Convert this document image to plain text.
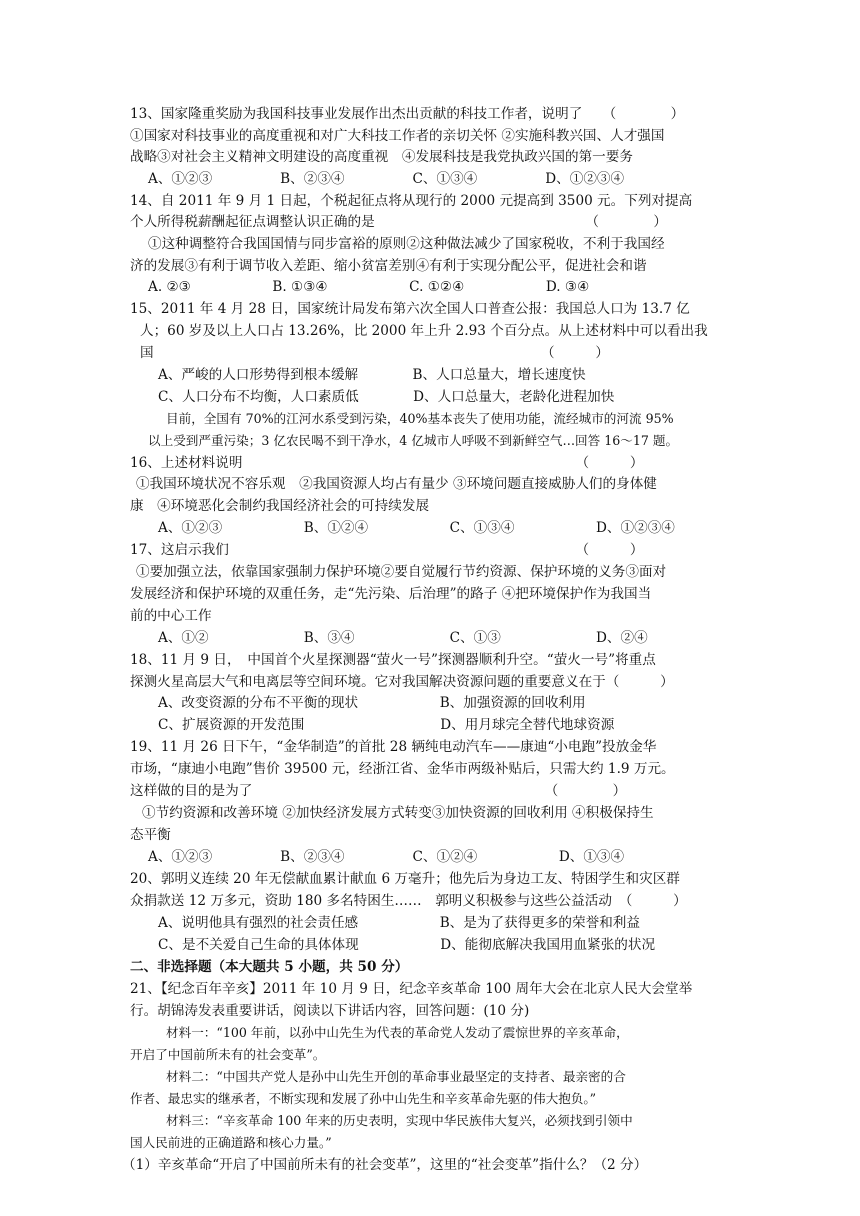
13、国家隆重奖励为我国科技事业发展作出杰出贡献的科技工作者，说明了　　（　　　　）
①国家对科技事业的高度重视和对广大科技工作者的亲切关怀 ②实施科教兴国、人才强国
战略③对社会主义精神文明建设的高度重视　④发展科技是我党执政兴国的第一要务
A、①②③　　　　　B、②③④　　　　　C、①③④　　　　　D、①②③④
14、自 2011 年 9 月 1 日起，个税起征点将从现行的 2000 元提高到 3500 元。下列对提高
个人所得税薪酬起征点调整认识正确的是　　　　　　　　　　　　　　　　（　　　　）
①这种调整符合我国国情与同步富裕的原则②这种做法减少了国家税收，不利于我国经
济的发展③有利于调节收入差距、缩小贫富差别④有利于实现分配公平，促进社会和谐
A. ②③　　　　　　B. ①③④　　　　　　C. ①②④　　　　　　D. ③④
15、2011 年 4 月 28 日，国家统计局发布第六次全国人口普查公报：我国总人口为 13.7 亿
人；60 岁及以上人口占 13.26%，比 2000 年上升 2.93 个百分点。从上述材料中可以看出我
国　　　　　　　　　　　　　　　　　　　　　　　　　　　　　（　　　）
A、严峻的人口形势得到根本缓解　　　　B、人口总量大，增长速度快
C、人口分布不均衡，人口素质低　　　　D、人口总量大，老龄化进程加快
目前，全国有 70%的江河水系受到污染，40%基本丧失了使用功能，流经城市的河流 95%
以上受到严重污染；3 亿农民喝不到干净水，4 亿城市人呼吸不到新鲜空气…回答 16～17 题。
16、上述材料说明　　　　　　　　　　　　　　　　　　　　　　　　　（　　　）
①我国环境状况不容乐观　②我国资源人均占有量少 ③环境问题直接威胁人们的身体健
康　④环境恶化会制约我国经济社会的可持续发展
A、①②③　　　　　　B、①②④　　　　　　C、①③④　　　　　　D、①②③④
17、这启示我们　　　　　　　　　　　　　　　　　　　　　　　　　　（　　　）
①要加强立法，依靠国家强制力保护环境②要自觉履行节约资源、保护环境的义务③面对
发展经济和保护环境的双重任务，走“先污染、后治理”的路子 ④把环境保护作为我国当
前的中心工作
A、①②　　　　　　　B、③④　　　　　　　C、①③　　　　　　　D、②④
18、11 月 9 日，　中国首个火星探测器“萤火一号”探测器顺利升空。“萤火一号”将重点
探测火星高层大气和电离层等空间环境。它对我国解决资源问题的重要意义在于（　　　）
A、改变资源的分布不平衡的现状　　　　　　B、加强资源的回收利用
C、扩展资源的开发范围　　　　　　　　　　D、用月球完全替代地球资源
19、11 月 26 日下午，“金华制造”的首批 28 辆纯电动汽车——康迪“小电跑”投放金华
市场，“康迪小电跑”售价 39500 元，经浙江省、金华市两级补贴后，只需大约 1.9 万元。
这样做的目的是为了　　　　　　　　　　　　　　　　　　　　　　（　　　　）
①节约资源和改善环境 ②加快经济发展方式转变③加快资源的回收利用 ④积极保持生
态平衡
A、①②③　　　　　B、②③④　　　　　C、①②④　　　　　　D、①③④
20、郭明义连续 20 年无偿献血累计献血 6 万毫升；他先后为身边工友、特困学生和灾区群
众捐款送 12 万多元，资助 180 多名特困生……　郭明义积极参与这些公益活动　（　　　）
A、说明他具有强烈的社会责任感　　　　　　B、是为了获得更多的荣誉和利益
C、是不关爱自己生命的具体体现　　　　　　D、能彻底解决我国用血紧张的状况
二、非选择题（本大题共 5 小题，共 50 分）
21、【纪念百年辛亥】2011 年 10 月 9 日，纪念辛亥革命 100 周年大会在北京人民大会堂举
行。胡锦涛发表重要讲话，阅读以下讲话内容，回答问题：(10 分)
材料一：“100 年前，以孙中山先生为代表的革命党人发动了震惊世界的辛亥革命，
开启了中国前所未有的社会变革”。
材料二：“中国共产党人是孙中山先生开创的革命事业最坚定的支持者、最亲密的合
作者、最忠实的继承者，不断实现和发展了孙中山先生和辛亥革命先驱的伟大抱负。”
材料三：“辛亥革命 100 年来的历史表明，实现中华民族伟大复兴，必须找到引领中
国人民前进的正确道路和核心力量。”
（1）辛亥革命“开启了中国前所未有的社会变革”，这里的“社会变革”指什么？（2 分）
